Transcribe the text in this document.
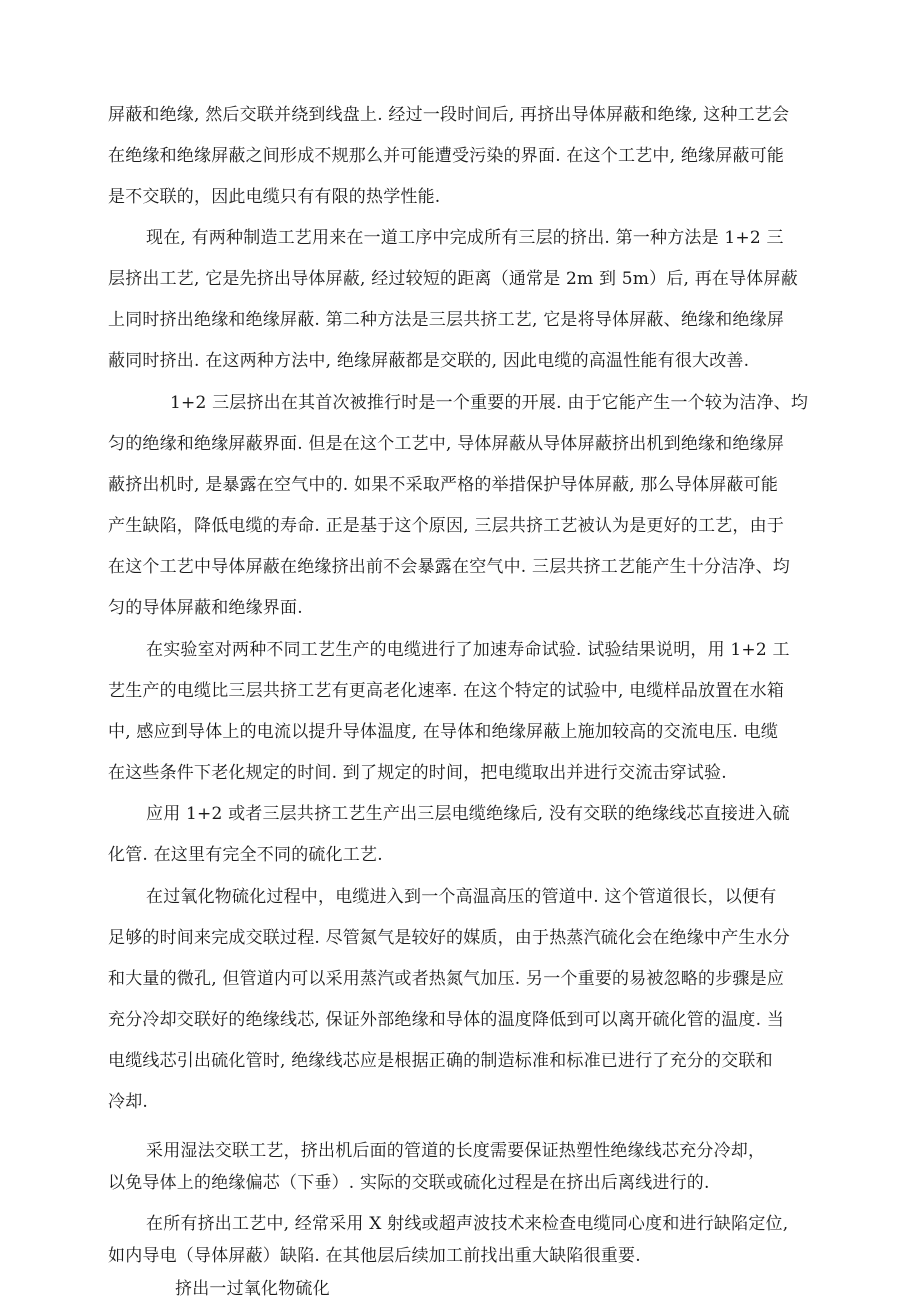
屏蔽和绝缘, 然后交联并绕到线盘上. 经过一段时间后, 再挤出导体屏蔽和绝缘, 这种工艺会
在绝缘和绝缘屏蔽之间形成不规那么并可能遭受污染的界面. 在这个工艺中, 绝缘屏蔽可能
是不交联的，因此电缆只有有限的热学性能.
现在, 有两种制造工艺用来在一道工序中完成所有三层的挤出. 第一种方法是 1+2 三
层挤出工艺, 它是先挤出导体屏蔽, 经过较短的距离（通常是 2m 到 5m）后, 再在导体屏蔽
上同时挤出绝缘和绝缘屏蔽. 第二种方法是三层共挤工艺, 它是将导体屏蔽、绝缘和绝缘屏
蔽同时挤出. 在这两种方法中, 绝缘屏蔽都是交联的, 因此电缆的高温性能有很大改善.
1+2 三层挤出在其首次被推行时是一个重要的开展. 由于它能产生一个较为洁净、均
匀的绝缘和绝缘屏蔽界面. 但是在这个工艺中, 导体屏蔽从导体屏蔽挤出机到绝缘和绝缘屏
蔽挤出机时, 是暴露在空气中的. 如果不采取严格的举措保护导体屏蔽, 那么导体屏蔽可能
产生缺陷，降低电缆的寿命. 正是基于这个原因, 三层共挤工艺被认为是更好的工艺，由于
在这个工艺中导体屏蔽在绝缘挤出前不会暴露在空气中. 三层共挤工艺能产生十分洁净、均
匀的导体屏蔽和绝缘界面.
在实验室对两种不同工艺生产的电缆进行了加速寿命试验. 试验结果说明，用 1+2 工
艺生产的电缆比三层共挤工艺有更高老化速率. 在这个特定的试验中, 电缆样品放置在水箱
中, 感应到导体上的电流以提升导体温度, 在导体和绝缘屏蔽上施加较高的交流电压. 电缆
在这些条件下老化规定的时间. 到了规定的时间，把电缆取出并进行交流击穿试验.
应用 1+2 或者三层共挤工艺生产出三层电缆绝缘后, 没有交联的绝缘线芯直接进入硫
化管. 在这里有完全不同的硫化工艺.
在过氧化物硫化过程中，电缆进入到一个高温高压的管道中. 这个管道很长，以便有
足够的时间来完成交联过程. 尽管氮气是较好的媒质，由于热蒸汽硫化会在绝缘中产生水分
和大量的微孔, 但管道内可以采用蒸汽或者热氮气加压. 另一个重要的易被忽略的步骤是应
充分冷却交联好的绝缘线芯, 保证外部绝缘和导体的温度降低到可以离开硫化管的温度. 当
电缆线芯引出硫化管时, 绝缘线芯应是根据正确的制造标准和标准已进行了充分的交联和
冷却.
采用湿法交联工艺，挤出机后面的管道的长度需要保证热塑性绝缘线芯充分冷却，
以免导体上的绝缘偏芯（下垂）. 实际的交联或硫化过程是在挤出后离线进行的.
在所有挤出工艺中, 经常采用 X 射线或超声波技术来检查电缆同心度和进行缺陷定位,
如内导电（导体屏蔽）缺陷. 在其他层后续加工前找出重大缺陷很重要.
挤出一过氧化物硫化
